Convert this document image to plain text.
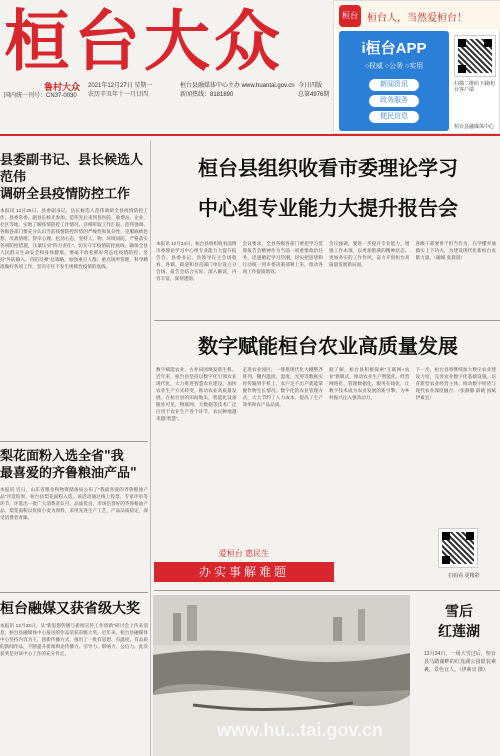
桓台大众
鲁村大众
国内统一刊号：CN37-0030
2021年12月27日 星期一
农历辛丑年十一月廿四
桓台县融媒体中心主办 www.huantai.gov.cn
新闻热线：8181890
今日四版
总第4976期
桓台 桓台人，当然爱桓台！
i桓台APP
○权威 ○公务 ○实用
新闻资讯
政务服务
便民信息
扫描二维码下载i桓台客户端
桓台县融媒体中心
县委副书记、县长候选人范伟
调研全县疫情防控工作
本报讯 12月25日，县委副书记、县长候选人范伟调研全县疫情防控工作，县委常委、副县长杨光参加。范伟先后来到县医院、收费站、企业、社区等地，实地了解疫情防控工作情况，详细听取工作汇报。范伟强调，各级各部门要充分认识当前疫情防控形势的严峻性和复杂性，克服麻痹思想、厌战情绪、侥幸心理、松劲心态，坚持人、物、环境同防，严格落实各项防控措施，压紧压实"四方责任"，切实守牢疫情防控底线，确保全县人民群众生命安全和身体健康。要毫不放松抓好常态化疫情防控，坚持"外防输入、内防反弹"总策略，加强重点人群、重点场所管理，科学精准做好各项工作，坚决守住不发生规模性疫情的底线。
梨花面粉入选全省"我
最喜爱的齐鲁粮油产品"
本报讯 近日，山东省粮食和物资储备局公布了"我最喜爱的齐鲁粮油产品"评选结果，桓台县梨花面粉入选。该活动通过线上投票、专家评审等环节，评选出一批广大消费者认可、品质优良、市场信誉好的齐鲁粮油产品。梨花面粉以优质小麦为原料，采用先进生产工艺，产品品质稳定，深受消费者青睐。
桓台融媒又获省级大奖
本报讯 12月23日，从"新思想传播与新闻宣传工作创新"研讨会上传来消息，桓台县融媒体中心报送的作品荣获省级大奖。近年来，桓台县融媒体中心坚持内容为王，创新传播方式，推出了一批有思想、有温度、有品质的新闻作品，不断提升新闻舆论传播力、引导力、影响力、公信力。此次获奖是对该中心工作的充分肯定。
桓台县组织收看市委理论学习
中心组专业能力大提升报告会
本报讯 12月24日，桓台县组织收看淄博市委理论学习中心组专业能力大提升报告会。县委书记、县领导在主会场收看，各镇、街道和县直部门单位设立分会场。报告会结合实际，深入解读，内容丰富，深刻透彻。
会议要求，全县各级各部门要把学习贯彻报告会精神作为当前一项重要政治任务，迅速掀起学习热潮，切实把思想和行动统一到市委决策部署上来，推动各项工作提质增效。
会议强调，要进一步提升专业能力，增强工作本领，以更加饱满的精神状态、更加务实的工作作风，奋力开创桓台高质量发展新局面。
各级干部要勇于担当作为，在学懂弄通做实上下功夫，为建设现代化新桓台贡献力量。（融媒 张晨晨）
数字赋能桓台农业高质量发展
数字赋能农业，古朴田园焕发新生机。近年来，桓台县坚持以数字化引领农业现代化，大力推进智慧农业建设，加快农业生产方式转变，推动农业高质量发展。在桓台县的田间地头，智能化设备随处可见，物联网、大数据等技术广泛应用于农业生产各个环节，农民种地越来越"智慧"。
走进农业园区，一排排现代化大棚整齐排列，棚内温度、湿度、光照等数据实时传输到手机上，农户足不出户就能掌握作物生长情况。数字化的农业管理方式，大大节约了人力成本，提高了生产效率和农产品品质。
据了解，桓台县积极探索"互联网+农业"新模式，推动农业生产智能化、经营网络化、管理数据化、服务在线化，让数字技术成为农业发展的新引擎，为乡村振兴注入强劲动力。
下一步，桓台县将继续加大数字农业建设力度，完善农业数字化基础设施，培育新型农业经营主体，推动数字经济与现代农业深度融合。（张静静 薛晓 国斌 伊素宜）
爱桓台 惠民生
办实事解难题	扫码看 更精彩
雪后
红莲湖
12月24日，一场大雪过后，桓台县马踏湖畔的红莲湖公园银装素裹，景色宜人。（伊素宜 摄）
www.hu...tai.gov.cn
